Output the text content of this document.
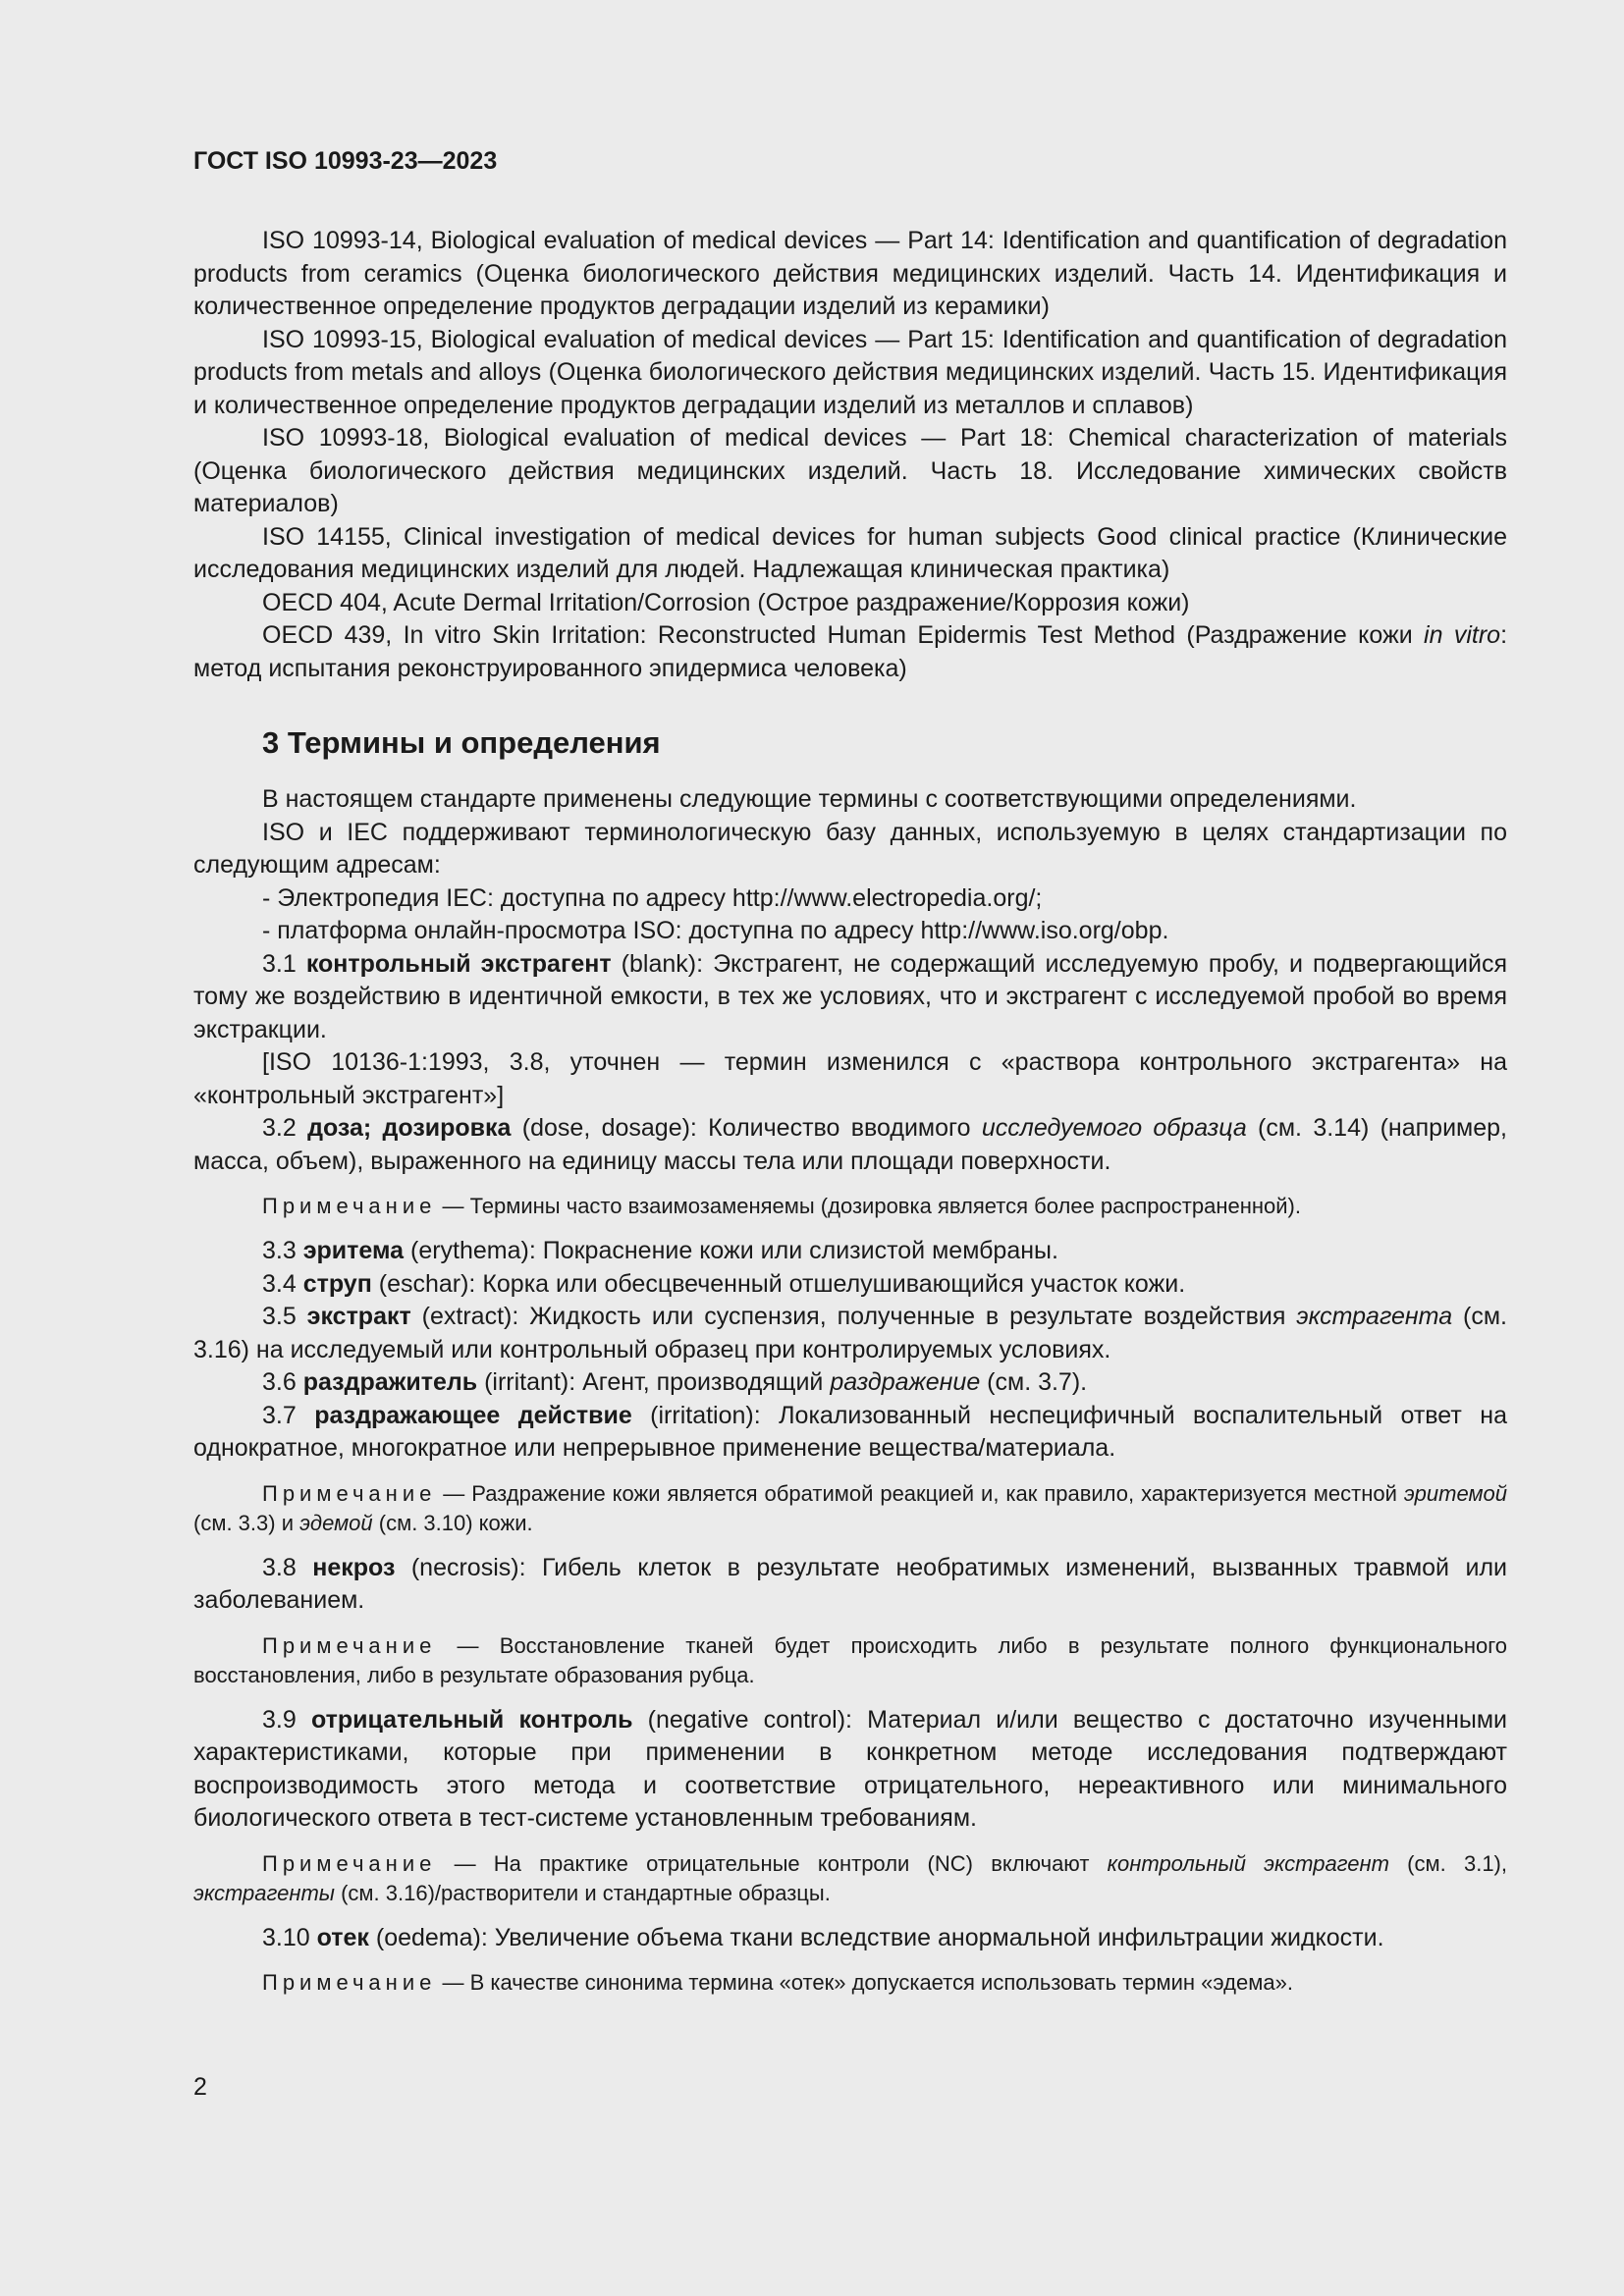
ГОСТ ISO 10993-23—2023

ISO 10993-14, Biological evaluation of medical devices — Part 14: Identification and quantification of degradation products from ceramics (Оценка биологического действия медицинских изделий. Часть 14. Идентификация и количественное определение продуктов деградации изделий из керамики)

ISO 10993-15, Biological evaluation of medical devices — Part 15: Identification and quantification of degradation products from metals and alloys (Оценка биологического действия медицинских изделий. Часть 15. Идентификация и количественное определение продуктов деградации изделий из металлов и сплавов)

ISO 10993-18, Biological evaluation of medical devices — Part 18: Chemical characterization of materials (Оценка биологического действия медицинских изделий. Часть 18. Исследование химических свойств материалов)

ISO 14155, Clinical investigation of medical devices for human subjects Good clinical practice (Клинические исследования медицинских изделий для людей. Надлежащая клиническая практика)

OECD 404, Acute Dermal Irritation/Corrosion (Острое раздражение/Коррозия кожи)

OECD 439, In vitro Skin Irritation: Reconstructed Human Epidermis Test Method (Раздражение кожи in vitro: метод испытания реконструированного эпидермиса человека)

3 Термины и определения

В настоящем стандарте применены следующие термины с соответствующими определениями.

ISO и IEC поддерживают терминологическую базу данных, используемую в целях стандартизации по следующим адресам:

- Электропедия IEC: доступна по адресу http://www.electropedia.org/;

- платформа онлайн-просмотра ISO: доступна по адресу http://www.iso.org/obp.

3.1 контрольный экстрагент (blank): Экстрагент, не содержащий исследуемую пробу, и подвергающийся тому же воздействию в идентичной емкости, в тех же условиях, что и экстрагент с исследуемой пробой во время экстракции.

[ISO 10136-1:1993, 3.8, уточнен — термин изменился с «раствора контрольного экстрагента» на «контрольный экстрагент»]

3.2 доза; дозировка (dose, dosage): Количество вводимого исследуемого образца (см. 3.14) (например, масса, объем), выраженного на единицу массы тела или площади поверхности.

Примечание — Термины часто взаимозаменяемы (дозировка является более распространенной).

3.3 эритема (erythema): Покраснение кожи или слизистой мембраны.

3.4 струп (eschar): Корка или обесцвеченный отшелушивающийся участок кожи.

3.5 экстракт (extract): Жидкость или суспензия, полученные в результате воздействия экстрагента (см. 3.16) на исследуемый или контрольный образец при контролируемых условиях.

3.6 раздражитель (irritant): Агент, производящий раздражение (см. 3.7).

3.7 раздражающее действие (irritation): Локализованный неспецифичный воспалительный ответ на однократное, многократное или непрерывное применение вещества/материала.

Примечание — Раздражение кожи является обратимой реакцией и, как правило, характеризуется местной эритемой (см. 3.3) и эдемой (см. 3.10) кожи.

3.8 некроз (necrosis): Гибель клеток в результате необратимых изменений, вызванных травмой или заболеванием.

Примечание — Восстановление тканей будет происходить либо в результате полного функционального восстановления, либо в результате образования рубца.

3.9 отрицательный контроль (negative control): Материал и/или вещество с достаточно изученными характеристиками, которые при применении в конкретном методе исследования подтверждают воспроизводимость этого метода и соответствие отрицательного, нереактивного или минимального биологического ответа в тест-системе установленным требованиям.

Примечание — На практике отрицательные контроли (NC) включают контрольный экстрагент (см. 3.1), экстрагенты (см. 3.16)/растворители и стандартные образцы.

3.10 отек (oedema): Увеличение объема ткани вследствие анормальной инфильтрации жидкости.

Примечание — В качестве синонима термина «отек» допускается использовать термин «эдема».
2
